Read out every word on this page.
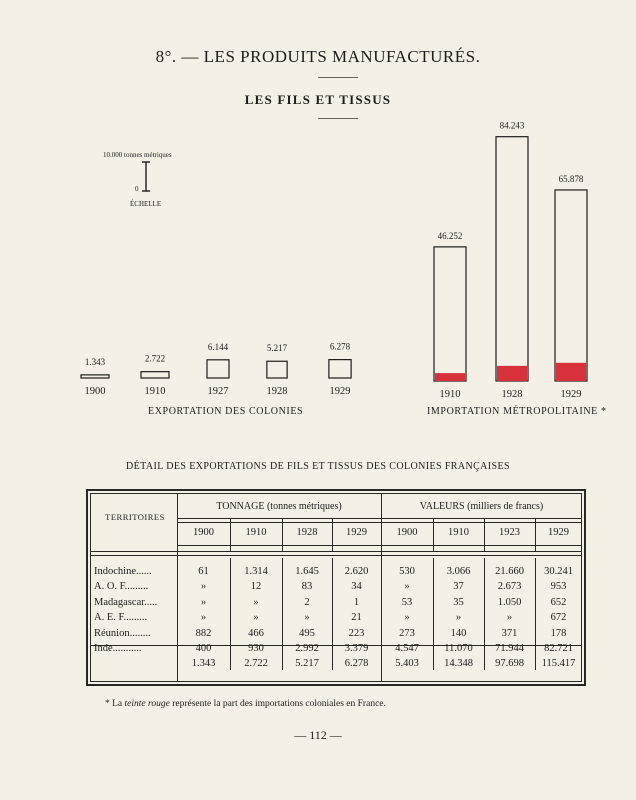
8°. — LES PRODUITS MANUFACTURÉS.
LES FILS ET TISSUS
10.000 tonnes métriques
0
ÉCHELLE
1.343
1900
2.722
1910
6.144
1927
5.217
1928
6.278
1929
46.252
1910
84.243
1928
65.878
1929
EXPORTATION DES COLONIES	IMPORTATION MÉTROPOLITAINE *
DÉTAIL DES EXPORTATIONS DE FILS ET TISSUS DES COLONIES FRANÇAISES
TERRITOIRES
TONNAGE (tonnes métriques)	VALEURS (milliers de francs)
1900	1910	1928	1929	1900	1910	1923	1929
Indochine......	61	1.314	1.645	2.620	530	3.066	21.660	30.241
A. O. F.........	»	12	83	34	»	37	2.673	953
Madagascar.....	»	»	2	1	53	35	1.050	652
A. E. F.........	»	»	»	21	»	»	»	672
Réunion........	882	466	495	223	273	140	371	178
Inde...........	400	930	2.992	3.379	4.547	11.070	71.944	82.721
1.343	2.722	5.217	6.278	5.403	14.348	97.698	115.417
* La teinte rouge représente la part des importations coloniales en France.
— 112 —
